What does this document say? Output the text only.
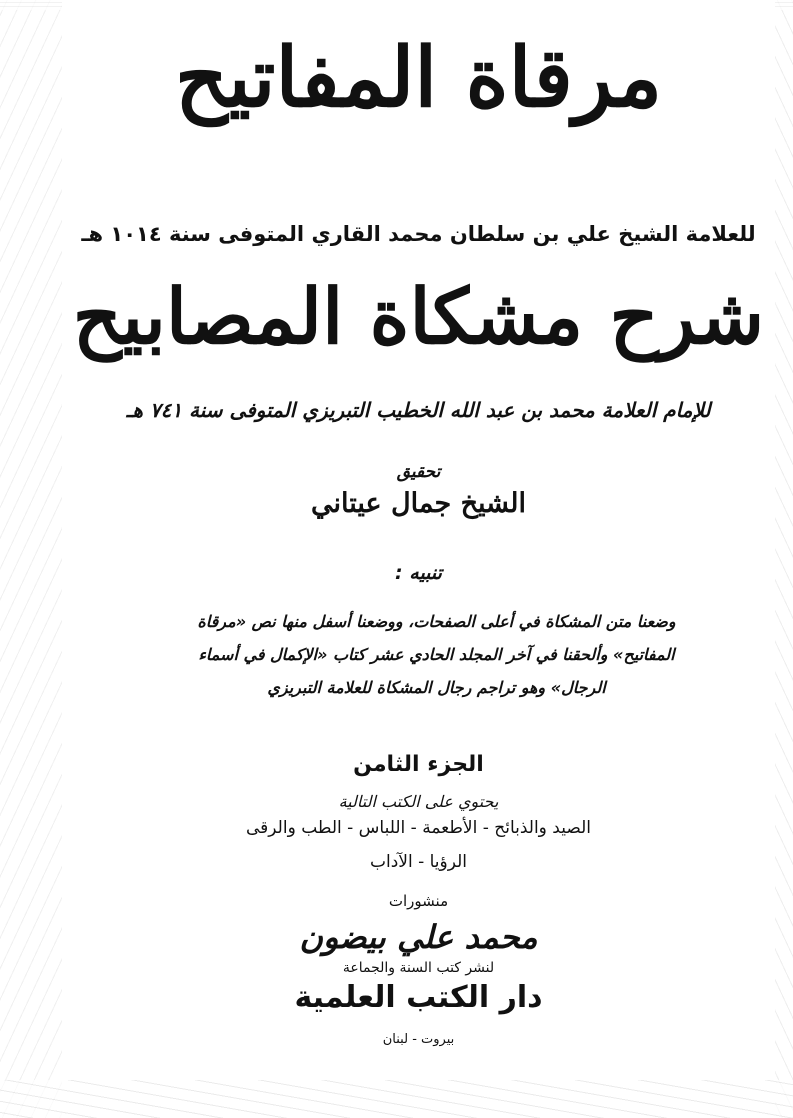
مرقاة المفاتيح

للعلامة الشيخ علي بن سلطان محمد القاري المتوفى سنة ١٠١٤ هـ

شرح مشكاة المصابيح

للإمام العلامة محمد بن عبد الله الخطيب التبريزي المتوفى سنة ٧٤١ هـ

تحقيق

الشيخ جمال عيتاني

تنبيه :

وضعنا متن المشكاة في أعلى الصفحات، ووضعنا أسفل منها نص «مرقاة المفاتيح» وألحقنا في آخر المجلد الحادي عشر كتاب «الإكمال في أسماء الرجال» وهو تراجم رجال المشكاة للعلامة التبريزي

الجزء الثامن

يحتوي على الكتب التالية

الصيد والذبائح - الأطعمة - اللباس - الطب والرقى

الرؤيا - الآداب

منشورات

محمد علي بيضون

لنشر كتب السنة والجماعة

دار الكتب العلمية

بيروت - لبنان
